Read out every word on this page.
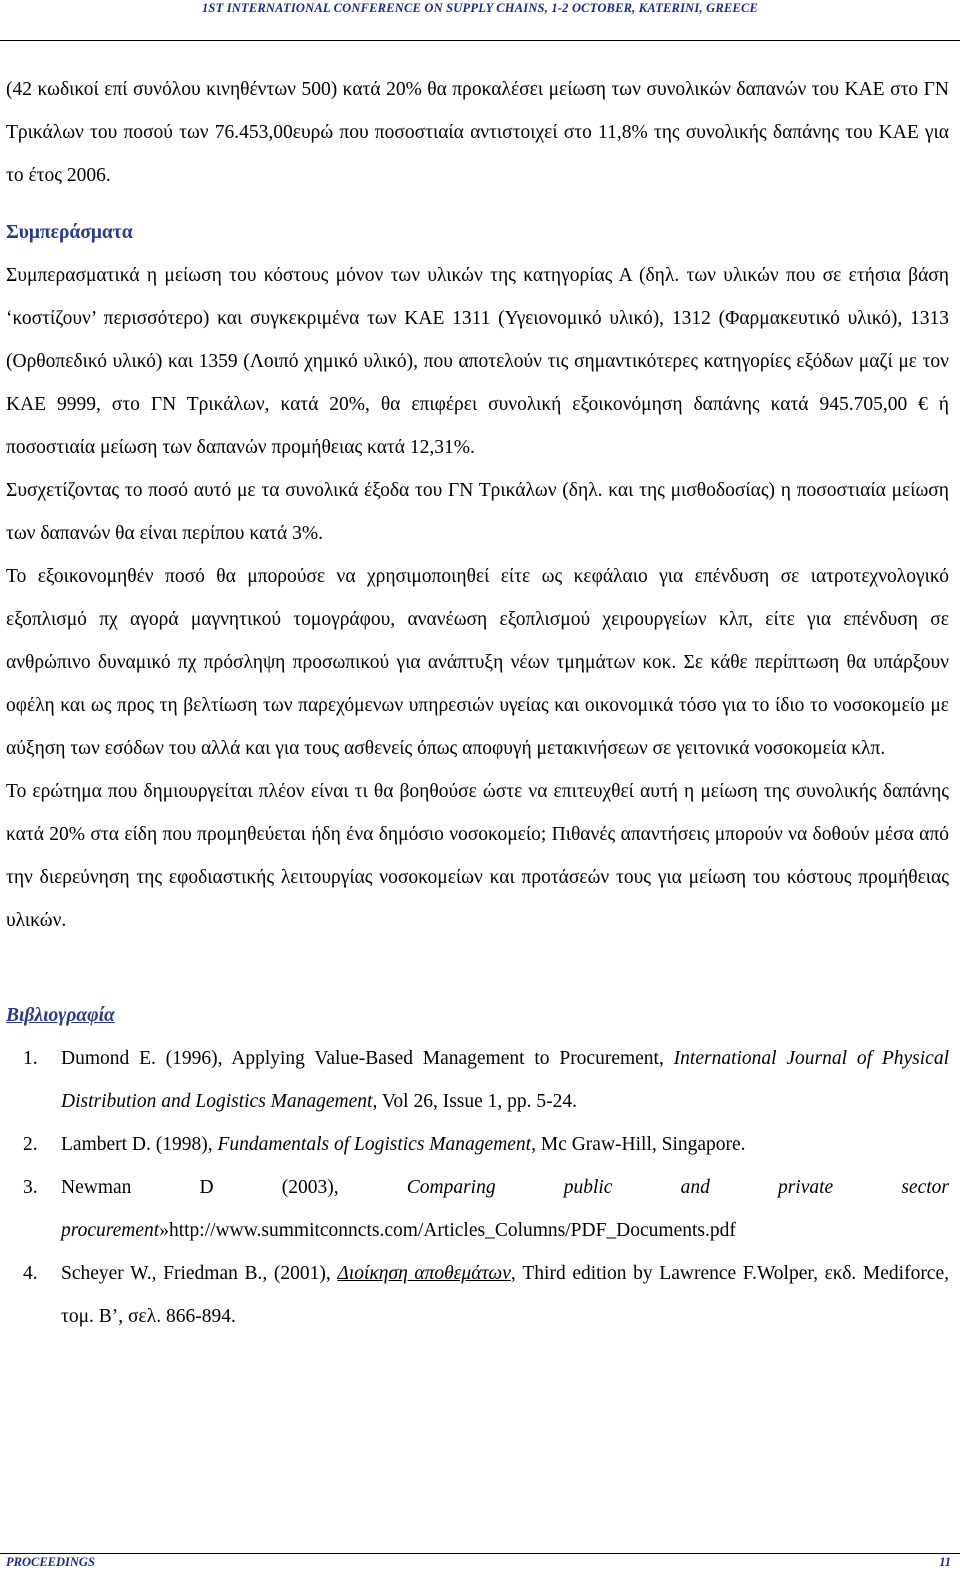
1ST INTERNATIONAL CONFERENCE ON SUPPLY CHAINS, 1-2 OCTOBER, KATERINI, GREECE

(42 κωδικοί επί συνόλου κινηθέντων 500) κατά 20% θα προκαλέσει μείωση των συνολικών δαπανών του ΚΑΕ στο ΓΝ Τρικάλων του ποσού των 76.453,00ευρώ που ποσοστιαία αντιστοιχεί στο 11,8% της συνολικής δαπάνης του ΚΑΕ για το έτος 2006.

Συμπεράσματα

Συμπερασματικά η μείωση του κόστους μόνον των υλικών της κατηγορίας Α (δηλ. των υλικών που σε ετήσια βάση ‘κοστίζουν’ περισσότερο) και συγκεκριμένα των ΚΑΕ 1311 (Υγειονομικό υλικό), 1312 (Φαρμακευτικό υλικό), 1313 (Ορθοπεδικό υλικό) και 1359 (Λοιπό χημικό υλικό), που αποτελούν τις σημαντικότερες κατηγορίες εξόδων μαζί με τον ΚΑΕ 9999, στο ΓΝ Τρικάλων, κατά 20%, θα επιφέρει συνολική εξοικονόμηση δαπάνης κατά 945.705,00 € ή ποσοστιαία μείωση των δαπανών προμήθειας κατά 12,31%.

Συσχετίζοντας το ποσό αυτό με τα συνολικά έξοδα του ΓΝ Τρικάλων (δηλ. και της μισθοδοσίας) η ποσοστιαία μείωση των δαπανών θα είναι περίπου κατά 3%.

Το εξοικονομηθέν ποσό θα μπορούσε να χρησιμοποιηθεί είτε ως κεφάλαιο για επένδυση σε ιατροτεχνολογικό εξοπλισμό πχ αγορά μαγνητικού τομογράφου, ανανέωση εξοπλισμού χειρουργείων κλπ, είτε για επένδυση σε ανθρώπινο δυναμικό πχ πρόσληψη προσωπικού για ανάπτυξη νέων τμημάτων κοκ. Σε κάθε περίπτωση θα υπάρξουν οφέλη και ως προς τη βελτίωση των παρεχόμενων υπηρεσιών υγείας και οικονομικά τόσο για το ίδιο το νοσοκομείο με αύξηση των εσόδων του αλλά και για τους ασθενείς όπως αποφυγή μετακινήσεων σε γειτονικά νοσοκομεία κλπ.

Το ερώτημα που δημιουργείται πλέον είναι τι θα βοηθούσε ώστε να επιτευχθεί αυτή η μείωση της συνολικής δαπάνης κατά 20% στα είδη που προμηθεύεται ήδη ένα δημόσιο νοσοκομείο; Πιθανές απαντήσεις μπορούν να δοθούν μέσα από την διερεύνηση της εφοδιαστικής λειτουργίας νοσοκομείων και προτάσεών τους για μείωση του κόστους προμήθειας υλικών.

Βιβλιογραφία
1. Dumond E. (1996), Applying Value-Based Management to Procurement, International Journal of Physical Distribution and Logistics Management, Vol 26, Issue 1, pp. 5-24.
2. Lambert D. (1998), Fundamentals of Logistics Management, Mc Graw-Hill, Singapore.
3. Newman D (2003), Comparing public and private sector procurement»http://www.summitconncts.com/Articles_Columns/PDF_Documents.pdf
4. Scheyer W., Friedman B., (2001), Διοίκηση αποθεμάτων, Third edition by Lawrence F.Wolper, εκδ. Mediforce, τομ. Β’, σελ. 866-894.
PROCEEDINGS	11
